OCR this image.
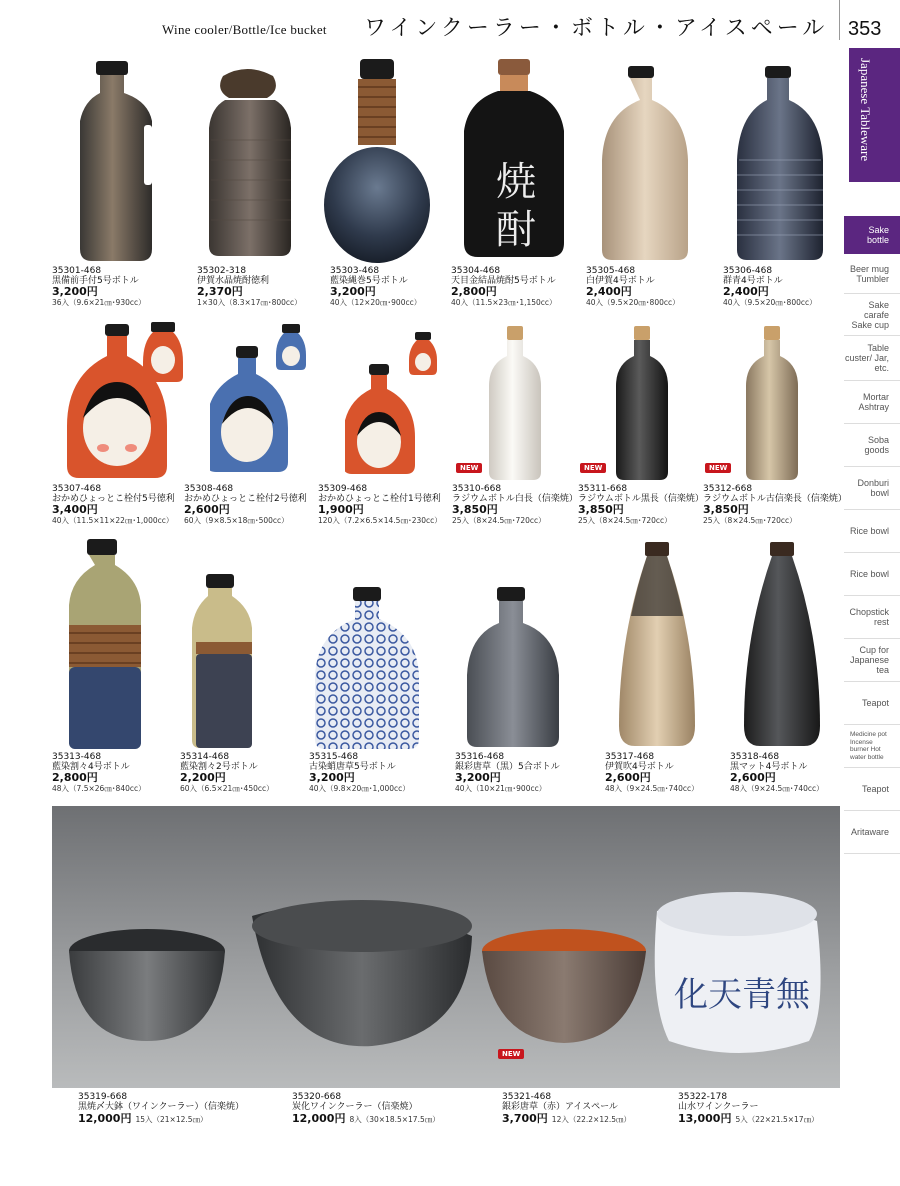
Wine cooler/Bottle/Ice bucket ワインクーラー・ボトル・アイスペール 353
Japanese Tableware
Sake bottle
Beer mug Tumbler
Sake carafe Sake cup
Table custer/ Jar, etc.
Mortar Ashtray
Soba goods
Donburi bowl
Rice bowl
Rice bowl
Chopstick rest
Cup for Japanese tea
Teapot
Medicine pot Incense burner Hot water bottle
Teapot
Aritaware
35301-468
黒備前手付5号ボトル
3,200円
36入（9.6×21㎝･930cc）
35302-318
伊賀水晶焼酎徳利
2,370円
1×30入（8.3×17㎝･800cc）
35303-468
藍染縄巻5号ボトル
3,200円
40入（12×20㎝･900cc）
焼
酎
35304-468
天目金結晶焼酎5号ボトル
2,800円
40入（11.5×23㎝･1,150cc）
35305-468
白伊賀4号ボトル
2,400円
40入（9.5×20㎝･800cc）
35306-468
群青4号ボトル
2,400円
40入（9.5×20㎝･800cc）
35307-468
おかめひょっとこ栓付5号徳利
3,400円
40入（11.5×11×22㎝･1,000cc）
35308-468
おかめひょっとこ栓付2号徳利
2,600円
60入（9×8.5×18㎝･500cc）
35309-468
おかめひょっとこ栓付1号徳利
1,900円
120入（7.2×6.5×14.5㎝･230cc）
NEW
35310-668
ラジウムボトル白長（信楽焼）
3,850円
25入（8×24.5㎝･720cc）
NEW
35311-668
ラジウムボトル黒長（信楽焼）
3,850円
25入（8×24.5㎝･720cc）
NEW
35312-668
ラジウムボトル古信楽長（信楽焼）
3,850円
25入（8×24.5㎝･720cc）
35313-468
藍染割々4号ボトル
2,800円
48入（7.5×26㎝･840cc）
35314-468
藍染割々2号ボトル
2,200円
60入（6.5×21㎝･450cc）
35315-468
古染蛸唐草5号ボトル
3,200円
40入（9.8×20㎝･1,000cc）
35316-468
銀彩唐草（黒）5合ボトル
3,200円
40入（10×21㎝･900cc）
35317-468
伊賀吹4号ボトル
2,600円
48入（9×24.5㎝･740cc）
35318-468
黒マット4号ボトル
2,600円
48入（9×24.5㎝･740cc）
化天青無
NEW
35319-668
黒焼〆大鉢（ワインクーラー）（信楽焼）
12,000円 15入（21×12.5㎝）
35320-668
炭化ワインクーラー（信楽焼）
12,000円 8入（30×18.5×17.5㎝）
35321-468
銀彩唐草（赤）アイスペール
3,700円 12入（22.2×12.5㎝）
35322-178
山水ワインクーラー
13,000円 5入（22×21.5×17㎝）
